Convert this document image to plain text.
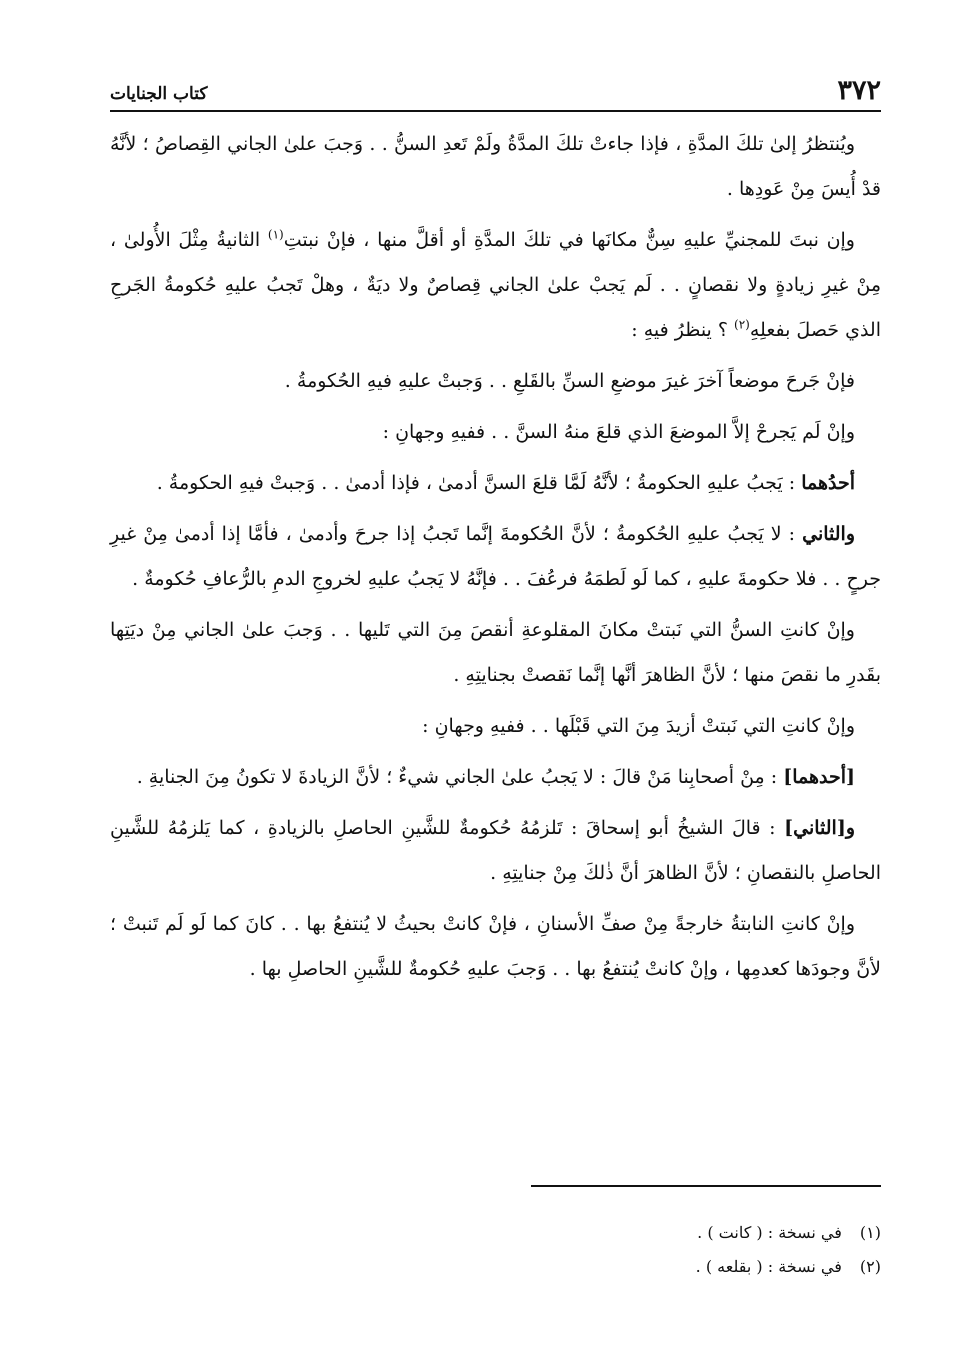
٣٧٢
كتاب الجنايات

ويُنتظرُ إلىٰ تلكَ المدَّةِ ، فإذا جاءتْ تلكَ المدَّةُ ولَمْ تَعدِ السنُّ . . وَجبَ علىٰ الجاني القِصاصُ ؛ لأنَّهُ قدْ أُيسَ مِنْ عَودِها .

وإن نبتَ للمجنيِّ عليهِ سِنٌّ مكانَها في تلكَ المدَّةِ أو أقلَّ منها ، فإنْ نبتتِ$^{(١)}$ الثانيةُ مِثْلَ الأُولىٰ ، مِنْ غيرِ زيادةٍ ولا نقصانٍ . . لَم يَجبْ علىٰ الجاني قِصاصٌ ولا ديَةٌ ، وهلْ تَجبُ عليهِ حُكومةُ الجَرحِ الذي حَصلَ بفعلِهِ$^{(٢)}$ ؟ ينظرُ فيهِ :

فإنْ جَرحَ موضعاً آخرَ غيرَ موضعِ السنِّ بالقَلعِ . . وَجبتْ عليهِ فيهِ الحُكومةُ .

وإنْ لَم يَجرحْ إلاَّ الموضعَ الذي قلعَ منهُ السنَّ . . ففيهِ وجهانِ :

أحدُهما : يَجبُ عليهِ الحكومةُ ؛ لأنَّهُ لَمَّا قلعَ السنَّ أدمىٰ ، فإذا أدمىٰ . . وَجبتْ فيهِ الحكومةُ .

والثاني : لا يَجبُ عليهِ الحُكومةُ ؛ لأنَّ الحُكومةَ إنَّما تَجبُ إذا جرحَ وأدمىٰ ، فأمَّا إذا أدمىٰ مِنْ غيرِ جرحٍ . . فلا حكومةَ عليهِ ، كما لَو لَطمَهُ فرعُفَ . . فإنَّهُ لا يَجبُ عليهِ لخروجِ الدمِ بالرُّعافِ حُكومةٌ .

وإنْ كانتِ السنُّ التي نَبتتْ مكانَ المقلوعةِ أنقصَ مِنَ التي تَليها . . وَجبَ علىٰ الجاني مِنْ ديَتِها بقَدرِ ما نقصَ منها ؛ لأنَّ الظاهرَ أنَّها إنَّما نَقصتْ بجنايتِهِ .

وإنْ كانتِ التي نَبتتْ أزيدَ مِنَ التي قَبْلَها . . ففيهِ وجهانِ :

[أحدهما] : مِنْ أصحابِنا مَنْ قالَ : لا يَجبُ علىٰ الجاني شيءٌ ؛ لأنَّ الزيادةَ لا تكونُ مِنَ الجنايةِ .

و[الثاني] : قالَ الشيخُ أبو إسحاقَ : تَلزمُهُ حُكومةٌ للشَّينِ الحاصلِ بالزيادةِ ، كما يَلزمُهُ للشَّينِ الحاصلِ بالنقصانِ ؛ لأنَّ الظاهرَ أنَّ ذٰلكَ مِنْ جنايتِهِ .

وإنْ كانتِ النابتةُ خارجةً مِنْ صفِّ الأسنانِ ، فإنْ كانتْ بحيثُ لا يُنتفعُ بها . . كانَ كما لَو لَم تَنبتْ ؛ لأنَّ وجودَها كعدمِها ، وإنْ كانتْ يُنتفعُ بها . . وَجبَ عليهِ حُكومةٌ للشَّينِ الحاصلِ بها .

(١)
في نسخة : ( كانت ) .
(٢)
في نسخة : ( بقلعه ) .
